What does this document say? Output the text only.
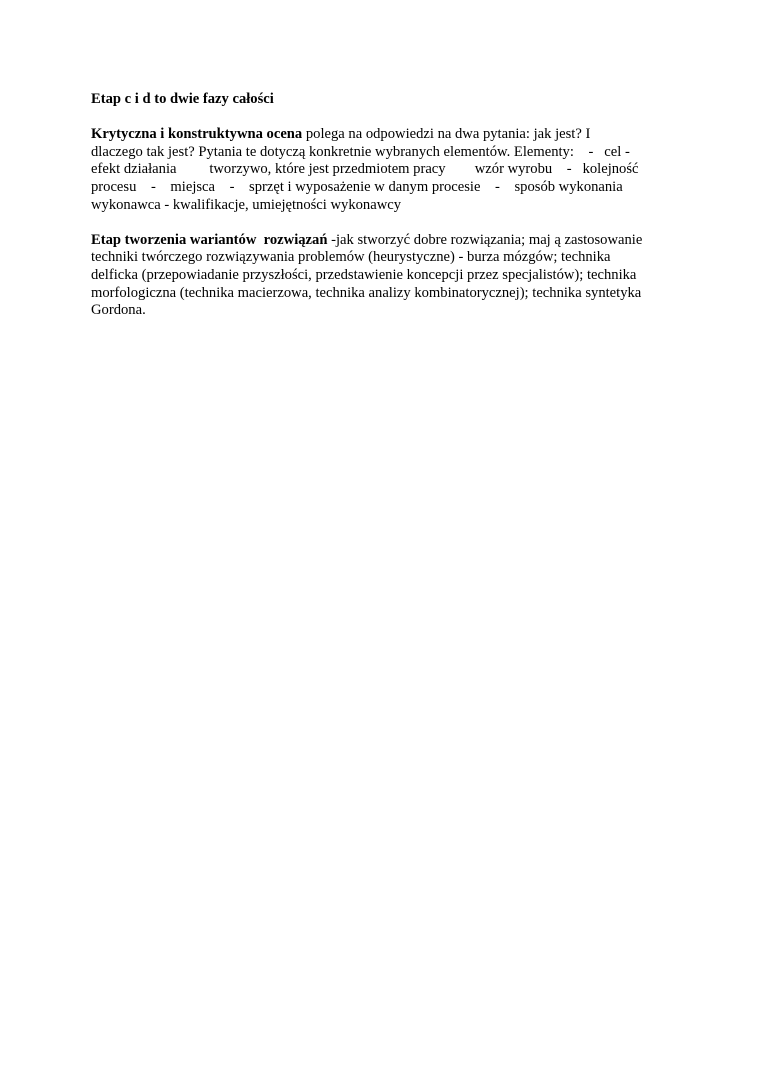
Etap c i d to dwie fazy całości

Krytyczna i konstruktywna ocena polega na odpowiedzi na dwa pytania: jak jest? I
dlaczego tak jest? Pytania te dotyczą konkretnie wybranych elementów. Elementy:    -   cel -
efekt działania         tworzywo, które jest przedmiotem pracy        wzór wyrobu    -   kolejność
procesu    -    miejsca    -    sprzęt i wyposażenie w danym procesie    -    sposób wykonania
wykonawca - kwalifikacje, umiejętności wykonawcy

Etap tworzenia wariantów  rozwiązań -jak stworzyć dobre rozwiązania; maj ą zastosowanie
techniki twórczego rozwiązywania problemów (heurystyczne) - burza mózgów; technika
delficka (przepowiadanie przyszłości, przedstawienie koncepcji przez specjalistów); technika
morfologiczna (technika macierzowa, technika analizy kombinatorycznej); technika syntetyka
Gordona.
